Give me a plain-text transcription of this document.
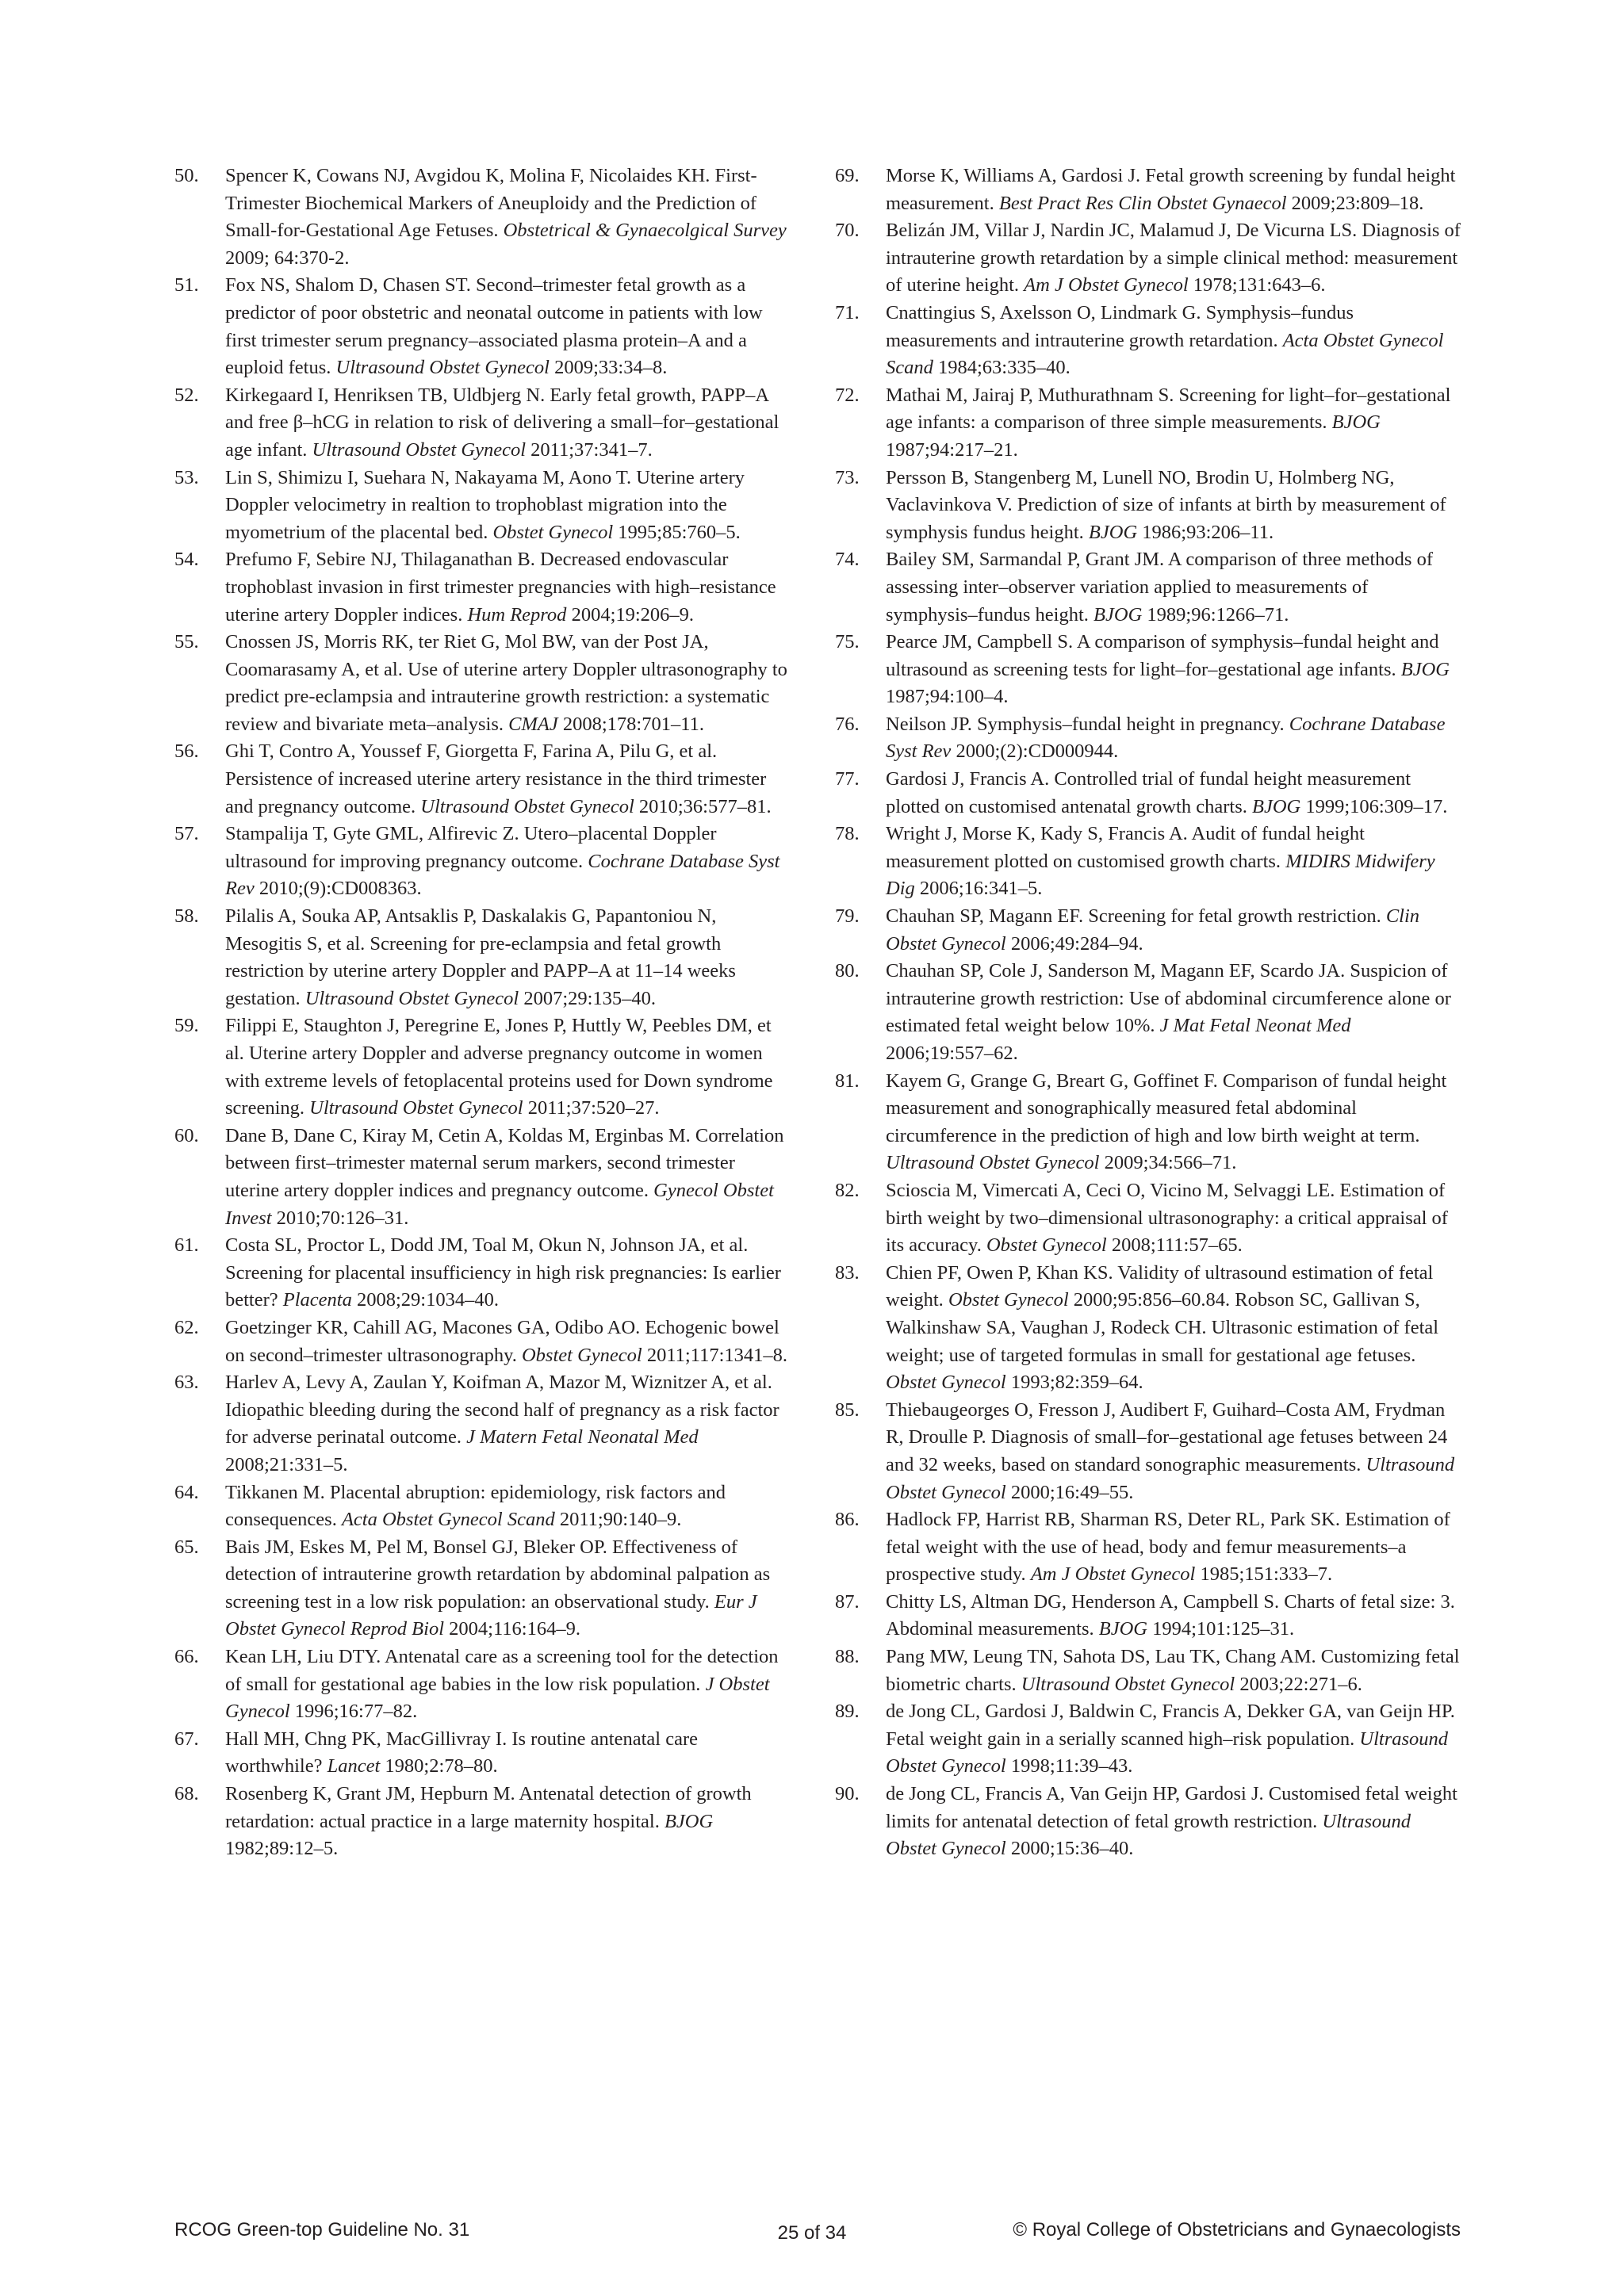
50.	Spencer K, Cowans NJ, Avgidou K, Molina F, Nicolaides KH. First-Trimester Biochemical Markers of Aneuploidy and the Prediction of Small-for-Gestational Age Fetuses. Obstetrical & Gynaecolgical Survey 2009; 64:370-2.

51.	Fox NS, Shalom D, Chasen ST. Second–trimester fetal growth as a predictor of poor obstetric and neonatal outcome in patients with low first trimester serum pregnancy–associated plasma protein–A and a euploid fetus. Ultrasound Obstet Gynecol 2009;33:34–8.

52.	Kirkegaard I, Henriksen TB, Uldbjerg N. Early fetal growth, PAPP–A and free β–hCG in relation to risk of delivering a small–for–gestational age infant. Ultrasound Obstet Gynecol 2011;37:341–7.

53.	Lin S, Shimizu I, Suehara N, Nakayama M, Aono T. Uterine artery Doppler velocimetry in realtion to trophoblast migration into the myometrium of the placental bed. Obstet Gynecol 1995;85:760–5.

54.	Prefumo F, Sebire NJ, Thilaganathan B. Decreased endovascular trophoblast invasion in first trimester pregnancies with high–resistance uterine artery Doppler indices. Hum Reprod 2004;19:206–9.

55.	Cnossen JS, Morris RK, ter Riet G, Mol BW, van der Post JA, Coomarasamy A, et al. Use of uterine artery Doppler ultrasonography to predict pre-eclampsia and intrauterine growth restriction: a systematic review and bivariate meta–analysis. CMAJ 2008;178:701–11.

56.	Ghi T, Contro A, Youssef F, Giorgetta F, Farina A, Pilu G, et al. Persistence of increased uterine artery resistance in the third trimester and pregnancy outcome. Ultrasound Obstet Gynecol 2010;36:577–81.

57.	Stampalija T, Gyte GML, Alfirevic Z. Utero–placental Doppler ultrasound for improving pregnancy outcome. Cochrane Database Syst Rev 2010;(9):CD008363.

58.	Pilalis A, Souka AP, Antsaklis P, Daskalakis G, Papantoniou N, Mesogitis S, et al. Screening for pre-eclampsia and fetal growth restriction by uterine artery Doppler and PAPP–A at 11–14 weeks gestation. Ultrasound Obstet Gynecol 2007;29:135–40.

59.	Filippi E, Staughton J, Peregrine E, Jones P, Huttly W, Peebles DM, et al. Uterine artery Doppler and adverse pregnancy outcome in women with extreme levels of fetoplacental proteins used for Down syndrome screening. Ultrasound Obstet Gynecol 2011;37:520–27.

60.	Dane B, Dane C, Kiray M, Cetin A, Koldas M, Erginbas M. Correlation between first–trimester maternal serum markers, second trimester uterine artery doppler indices and pregnancy outcome. Gynecol Obstet Invest 2010;70:126–31.

61.	Costa SL, Proctor L, Dodd JM, Toal M, Okun N, Johnson JA, et al. Screening for placental insufficiency in high risk pregnancies: Is earlier better? Placenta 2008;29:1034–40.

62.	Goetzinger KR, Cahill AG, Macones GA, Odibo AO. Echogenic bowel on second–trimester ultrasonography. Obstet Gynecol 2011;117:1341–8.

63.	Harlev A, Levy A, Zaulan Y, Koifman A, Mazor M, Wiznitzer A, et al. Idiopathic bleeding during the second half of pregnancy as a risk factor for adverse perinatal outcome. J Matern Fetal Neonatal Med 2008;21:331–5.

64.	Tikkanen M. Placental abruption: epidemiology, risk factors and consequences. Acta Obstet Gynecol Scand 2011;90:140–9.

65.	Bais JM, Eskes M, Pel M, Bonsel GJ, Bleker OP. Effectiveness of detection of intrauterine growth retardation by abdominal palpation as screening test in a low risk population: an observational study. Eur J Obstet Gynecol Reprod Biol 2004;116:164–9.

66.	Kean LH, Liu DTY. Antenatal care as a screening tool for the detection of small for gestational age babies in the low risk population. J Obstet Gynecol 1996;16:77–82.

67.	Hall MH, Chng PK, MacGillivray I. Is routine antenatal care worthwhile? Lancet 1980;2:78–80.

68.	Rosenberg K, Grant JM, Hepburn M. Antenatal detection of growth retardation: actual practice in a large maternity hospital. BJOG 1982;89:12–5.

69.	Morse K, Williams A, Gardosi J. Fetal growth screening by fundal height measurement. Best Pract Res Clin Obstet Gynaecol 2009;23:809–18.

70.	Belizán JM, Villar J, Nardin JC, Malamud J, De Vicurna LS. Diagnosis of intrauterine growth retardation by a simple clinical method: measurement of uterine height. Am J Obstet Gynecol 1978;131:643–6.

71.	Cnattingius S, Axelsson O, Lindmark G. Symphysis–fundus measurements and intrauterine growth retardation. Acta Obstet Gynecol Scand 1984;63:335–40.

72.	Mathai M, Jairaj P, Muthurathnam S. Screening for light–for–gestational age infants: a comparison of three simple measurements. BJOG 1987;94:217–21.

73.	Persson B, Stangenberg M, Lunell NO, Brodin U, Holmberg NG, Vaclavinkova V. Prediction of size of infants at birth by measurement of symphysis fundus height. BJOG 1986;93:206–11.

74.	Bailey SM, Sarmandal P, Grant JM. A comparison of three methods of assessing inter–observer variation applied to measurements of symphysis–fundus height. BJOG 1989;96:1266–71.

75.	Pearce JM, Campbell S. A comparison of symphysis–fundal height and ultrasound as screening tests for light–for–gestational age infants. BJOG 1987;94:100–4.

76.	Neilson JP. Symphysis–fundal height in pregnancy. Cochrane Database Syst Rev 2000;(2):CD000944.

77.	Gardosi J, Francis A. Controlled trial of fundal height measurement plotted on customised antenatal growth charts. BJOG 1999;106:309–17.

78.	Wright J, Morse K, Kady S, Francis A. Audit of fundal height measurement plotted on customised growth charts. MIDIRS Midwifery Dig 2006;16:341–5.

79.	Chauhan SP, Magann EF. Screening for fetal growth restriction. Clin Obstet Gynecol 2006;49:284–94.

80.	Chauhan SP, Cole J, Sanderson M, Magann EF, Scardo JA. Suspicion of intrauterine growth restriction: Use of abdominal circumference alone or estimated fetal weight below 10%. J Mat Fetal Neonat Med 2006;19:557–62.

81.	Kayem G, Grange G, Breart G, Goffinet F. Comparison of fundal height measurement and sonographically measured fetal abdominal circumference in the prediction of high and low birth weight at term. Ultrasound Obstet Gynecol 2009;34:566–71.

82.	Scioscia M, Vimercati A, Ceci O, Vicino M, Selvaggi LE. Estimation of birth weight by two–dimensional ultrasonography: a critical appraisal of its accuracy. Obstet Gynecol 2008;111:57–65.

83.	Chien PF, Owen P, Khan KS. Validity of ultrasound estimation of fetal weight. Obstet Gynecol 2000;95:856–60.84. Robson SC, Gallivan S, Walkinshaw SA, Vaughan J, Rodeck CH. Ultrasonic estimation of fetal weight; use of targeted formulas in small for gestational age fetuses. Obstet Gynecol 1993;82:359–64.

85.	Thiebaugeorges O, Fresson J, Audibert F, Guihard–Costa AM, Frydman R, Droulle P. Diagnosis of small–for–gestational age fetuses between 24 and 32 weeks, based on standard sonographic measurements. Ultrasound Obstet Gynecol 2000;16:49–55.

86.	Hadlock FP, Harrist RB, Sharman RS, Deter RL, Park SK. Estimation of fetal weight with the use of head, body and femur measurements–a prospective study. Am J Obstet Gynecol 1985;151:333–7.

87.	Chitty LS, Altman DG, Henderson A, Campbell S. Charts of fetal size: 3. Abdominal measurements. BJOG 1994;101:125–31.

88.	Pang MW, Leung TN, Sahota DS, Lau TK, Chang AM. Customizing fetal biometric charts. Ultrasound Obstet Gynecol 2003;22:271–6.

89.	de Jong CL, Gardosi J, Baldwin C, Francis A, Dekker GA, van Geijn HP. Fetal weight gain in a serially scanned high–risk population. Ultrasound Obstet Gynecol 1998;11:39–43.

90.	de Jong CL, Francis A, Van Geijn HP, Gardosi J. Customised fetal weight limits for antenatal detection of fetal growth restriction. Ultrasound Obstet Gynecol 2000;15:36–40.

RCOG Green-top Guideline No. 31	25 of 34	© Royal College of Obstetricians and Gynaecologists
